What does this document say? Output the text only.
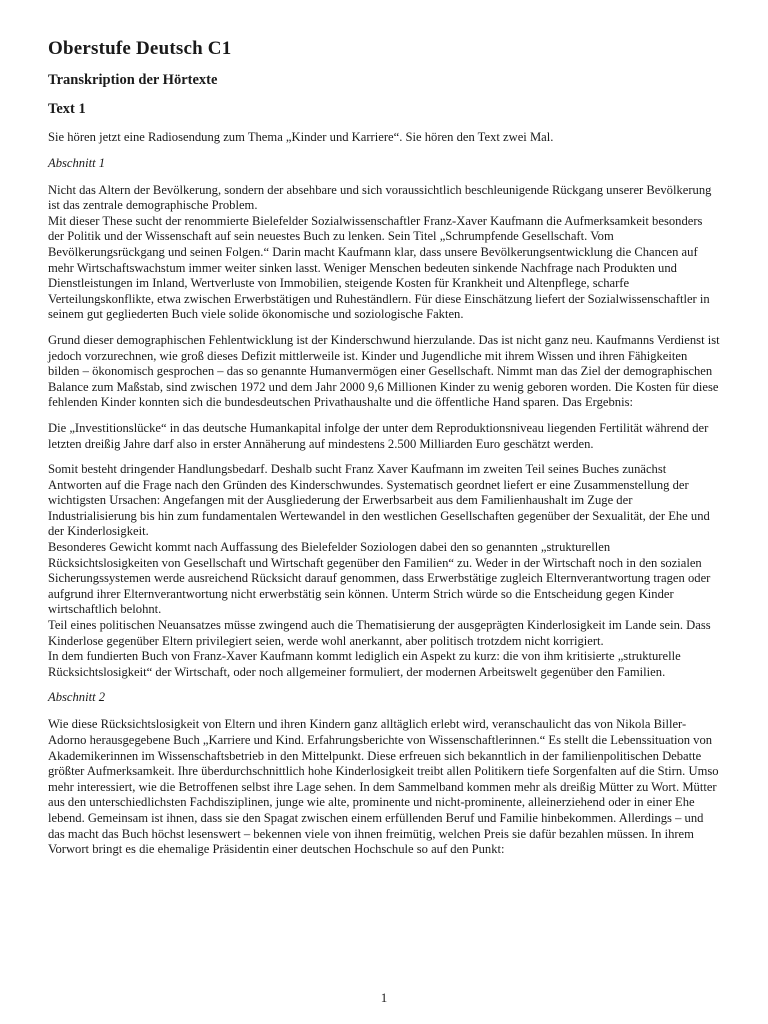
Oberstufe Deutsch C1
Transkription der Hörtexte
Text 1

Sie hören jetzt eine Radiosendung zum Thema „Kinder und Karriere“. Sie hören den Text zwei Mal.

Abschnitt 1

Nicht das Altern der Bevölkerung, sondern der absehbare und sich voraussichtlich beschleunigende Rückgang unserer Bevölkerung ist das zentrale demographische Problem.

Mit dieser These sucht der renommierte Bielefelder Sozialwissenschaftler Franz-Xaver Kaufmann die Aufmerksamkeit besonders der Politik und der Wissenschaft auf sein neuestes Buch zu lenken. Sein Titel „Schrumpfende Gesellschaft. Vom Bevölkerungsrückgang und seinen Folgen.“ Darin macht Kaufmann klar, dass unsere Bevölkerungsentwicklung die Chancen auf mehr Wirtschaftswachstum immer weiter sinken lasst. Weniger Menschen bedeuten sinkende Nachfrage nach Produkten und Dienstleistungen im Inland, Wertverluste von Immobilien, steigende Kosten für Krankheit und Altenpflege, scharfe Verteilungskonflikte, etwa zwischen Erwerbstätigen und Ruheständlern. Für diese Einschätzung liefert der Sozialwissenschaftler in seinem gut gegliederten Buch viele solide ökonomische und soziologische Fakten.

Grund dieser demographischen Fehlentwicklung ist der Kinderschwund hierzulande. Das ist nicht ganz neu. Kaufmanns Verdienst ist jedoch vorzurechnen, wie groß dieses Defizit mittlerweile ist. Kinder und Jugendliche mit ihrem Wissen und ihren Fähigkeiten bilden – ökonomisch gesprochen – das so genannte Humanvermögen einer Gesellschaft. Nimmt man das Ziel der demographischen Balance zum Maßstab, sind zwischen 1972 und dem Jahr 2000 9,6 Millionen Kinder zu wenig geboren worden. Die Kosten für diese fehlenden Kinder konnten sich die bundesdeutschen Privathaushalte und die öffentliche Hand sparen. Das Ergebnis:

Die „Investitionslücke“ in das deutsche Humankapital infolge der unter dem Reproduktionsniveau liegenden Fertilität während der letzten dreißig Jahre darf also in erster Annäherung auf mindestens 2.500 Milliarden Euro geschätzt werden.

Somit besteht dringender Handlungsbedarf. Deshalb sucht Franz Xaver Kaufmann im zweiten Teil seines Buches zunächst Antworten auf die Frage nach den Gründen des Kinderschwundes. Systematisch geordnet liefert er eine Zusammenstellung der wichtigsten Ursachen: Angefangen mit der Ausgliederung der Erwerbsarbeit aus dem Familienhaushalt im Zuge der Industrialisierung bis hin zum fundamentalen Wertewandel in den westlichen Gesellschaften gegenüber der Sexualität, der Ehe und der Kinderlosigkeit.

Besonderes Gewicht kommt nach Auffassung des Bielefelder Soziologen dabei den so genannten „strukturellen Rücksichtslosigkeiten von Gesellschaft und Wirtschaft gegenüber den Familien“ zu. Weder in der Wirtschaft noch in den sozialen Sicherungssystemen werde ausreichend Rücksicht darauf genommen, dass Erwerbstätige zugleich Elternverantwortung tragen oder aufgrund ihrer Elternverantwortung nicht erwerbstätig sein können. Unterm Strich würde so die Entscheidung gegen Kinder wirtschaftlich belohnt.

Teil eines politischen Neuansatzes müsse zwingend auch die Thematisierung der ausgeprägten Kinderlosigkeit im Lande sein. Dass Kinderlose gegenüber Eltern privilegiert seien, werde wohl anerkannt, aber politisch trotzdem nicht korrigiert.

In dem fundierten Buch von Franz-Xaver Kaufmann kommt lediglich ein Aspekt zu kurz: die von ihm kritisierte „strukturelle Rücksichtslosigkeit“ der Wirtschaft, oder noch allgemeiner formuliert, der modernen Arbeitswelt gegenüber den Familien.

Abschnitt 2

Wie diese Rücksichtslosigkeit von Eltern und ihren Kindern ganz alltäglich erlebt wird, veranschaulicht das von Nikola Biller-Adorno herausgegebene Buch „Karriere und Kind. Erfahrungsberichte von Wissenschaftlerinnen.“ Es stellt die Lebenssituation von Akademikerinnen im Wissenschaftsbetrieb in den Mittelpunkt. Diese erfreuen sich bekanntlich in der familienpolitischen Debatte größter Aufmerksamkeit. Ihre überdurchschnittlich hohe Kinderlosigkeit treibt allen Politikern tiefe Sorgenfalten auf die Stirn. Umso mehr interessiert, wie die Betroffenen selbst ihre Lage sehen. In dem Sammelband kommen mehr als dreißig Mütter zu Wort. Mütter aus den unterschiedlichsten Fachdisziplinen, junge wie alte, prominente und nicht-prominente, alleinerziehend oder in einer Ehe lebend. Gemeinsam ist ihnen, dass sie den Spagat zwischen einem erfüllenden Beruf und Familie hinbekommen. Allerdings – und das macht das Buch höchst lesenswert – bekennen viele von ihnen freimütig, welchen Preis sie dafür bezahlen müssen. In ihrem Vorwort bringt es die ehemalige Präsidentin einer deutschen Hochschule so auf den Punkt:

1
